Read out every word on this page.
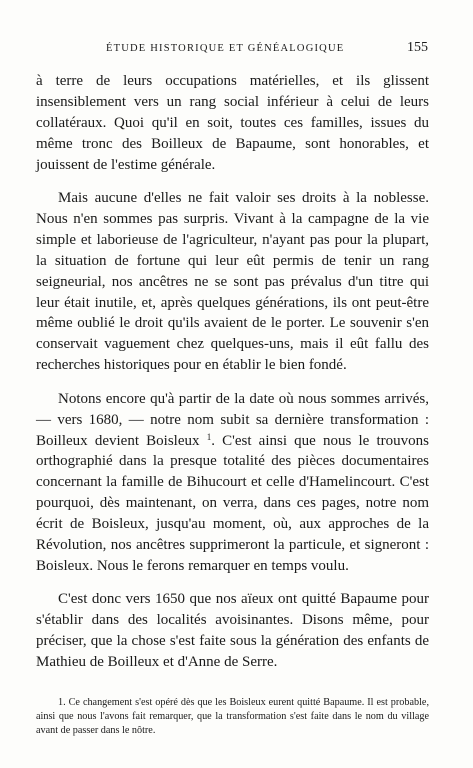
ÉTUDE HISTORIQUE ET GÉNÉALOGIQUE	155

à terre de leurs occupations matérielles, et ils glissent insensiblement vers un rang social inférieur à celui de leurs collatéraux. Quoi qu'il en soit, toutes ces familles, issues du même tronc des Boilleux de Bapaume, sont honorables, et jouissent de l'estime générale.

Mais aucune d'elles ne fait valoir ses droits à la noblesse. Nous n'en sommes pas surpris. Vivant à la campagne de la vie simple et laborieuse de l'agriculteur, n'ayant pas pour la plupart, la situation de fortune qui leur eût permis de tenir un rang seigneurial, nos ancêtres ne se sont pas prévalus d'un titre qui leur était inutile, et, après quelques générations, ils ont peut-être même oublié le droit qu'ils avaient de le porter. Le souvenir s'en conservait vaguement chez quelques-uns, mais il eût fallu des recherches historiques pour en établir le bien fondé.

Notons encore qu'à partir de la date où nous sommes arrivés, — vers 1680, — notre nom subit sa dernière transformation : Boilleux devient Boisleux $^1$. C'est ainsi que nous le trouvons orthographié dans la presque totalité des pièces documentaires concernant la famille de Bihucourt et celle d'Hamelincourt. C'est pourquoi, dès maintenant, on verra, dans ces pages, notre nom écrit de Boisleux, jusqu'au moment, où, aux approches de la Révolution, nos ancêtres supprimeront la particule, et signeront : Boisleux. Nous le ferons remarquer en temps voulu.

C'est donc vers 1650 que nos aïeux ont quitté Bapaume pour s'établir dans des localités avoisinantes. Disons même, pour préciser, que la chose s'est faite sous la génération des enfants de Mathieu de Boilleux et d'Anne de Serre.

1. Ce changement s'est opéré dès que les Boisleux eurent quitté Bapaume. Il est probable, ainsi que nous l'avons fait remarquer, que la transformation s'est faite dans le nom du village avant de passer dans le nôtre.
